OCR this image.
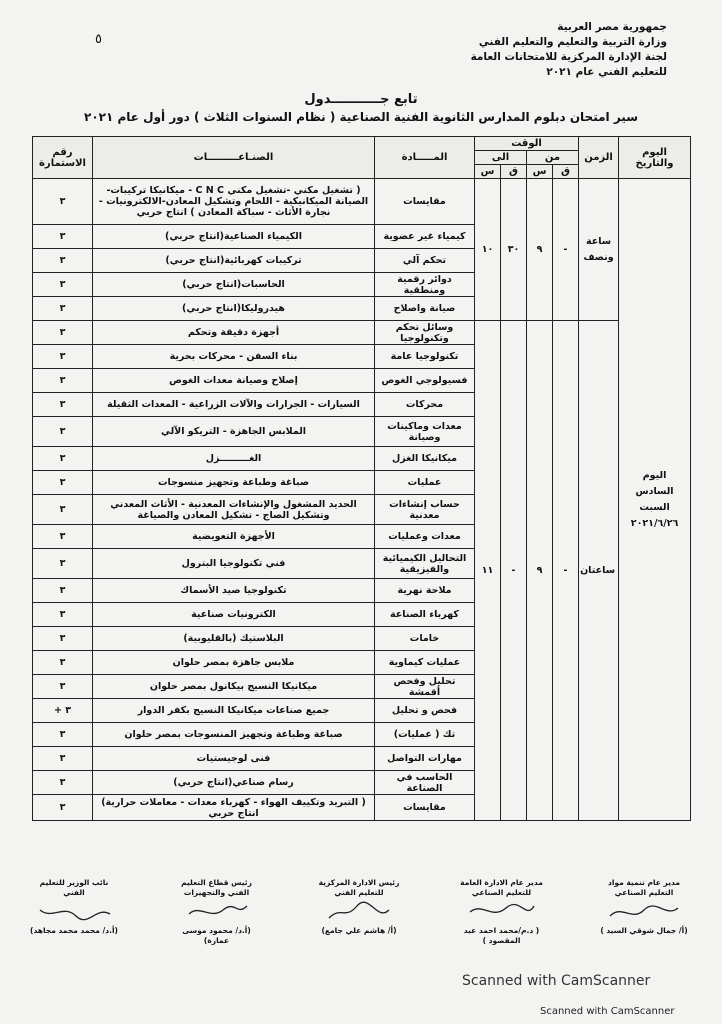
٥
جمهورية مصر العربية
وزارة التربية والتعليم والتعليم الفني
لجنة الإدارة المركزية للامتحانات العامة
للتعليم الفني عام ٢٠٢١
تابع جـــــــــــدول
سير امتحان دبلوم المدارس الثانوية الفنية الصناعية ( نظام السنوات الثلاث ) دور أول عام ٢٠٢١
اليوم والتاريخ	الزمن	الوقت				المـــــادة	الصنـاعـــــــــات	رقم الاستمارة
		من		الى				
		ق	س	ق	س			

اليوم
السادس
السبت
٢٠٢١/٦/٢٦	ساعة ونصف	-	٩	٣٠	١٠	مقايسات	( تشغيل مكني -تشغيل مكني C N C - ميكانيكا تركيبات- الصيانة الميكانيكية - اللحام وتشكيل المعادن-الالكترونيات - نجارة الأثاث - سباكة المعادن ) انتاج حربي	٣
						كيمياء غير عضوية	الكيمياء الصناعية(انتاج حربي)	٣
						تحكم آلي	تركيبات كهربائية(انتاج حربي)	٣
						دوائر رقمية ومنطقية	الحاسبات(انتاج حربي)	٣
						صيانة واصلاح	هيدروليكا(انتاج حربي)	٣
	ساعتان	-	٩	-	١١	وسائل تحكم وتكنولوجيا	أجهزة دقيقة وتحكم	٣
						تكنولوجيا عامة	بناء السفن - محركات بحرية	٣
						فسيولوجي الغوص	إصلاح وصيانة معدات الغوص	٣
						محركات	السيارات - الجرارات والآلات الزراعية - المعدات الثقيلة	٣
						معدات وماكينات وصيانة	الملابس الجاهزة - التريكو الآلي	٣
						ميكانيكا الغزل	الغـــــــــزل	٣
						عمليات	صباغة وطباعة وتجهيز منسوجات	٣
						حساب إنشاءات معدنية	الحديد المشغول والإنشاءات المعدنية - الأثاث المعدني وتشكيل الصاج - تشكيل المعادن والصياغة	٣
						معدات وعمليات	الأجهزة التعويضية	٣
						التحاليل الكيميائية والفيزيقية	فني تكنولوجيا البترول	٣
						ملاحة نهرية	تكنولوجيا صيد الأسماك	٣
						كهرباء الصناعة	الكترونيات صناعية	٣
						خامات	البلاستيك (بالقليوبية)	٣
						عمليات كيماوية	ملابس جاهزة بمصر حلوان	٣
						تحليل وفحص أقمشة	ميكانيكا النسيج بيكانول بمصر حلوان	٣
						فحص و تحليل	جميع صناعات ميكانيكا النسيج بكفر الدوار	٣ +
						تك ( عمليات)	صباغة وطباعة وتجهيز المنسوجات بمصر حلوان	٣
						مهارات التواصل	فنى لوجيستيات	٣
						الحاسب في الصناعة	رسام صناعي(انتاج حربي)	٣
						مقايسات	( التبريد وتكييف الهواء - كهرباء معدات - معاملات حرارية) انتاج حربي	٣
مدير عام تنمية مواد التعليم الصناعي
(أ/ جمال شوقي السيد )
مدير عام الادارة العامة للتعليم الصناعي
( د.م/محمد احمد عبد المقصود )
رئيس الادارة المركزية للتعليم الفني
(أ/ هاشم علي جامع)
رئيس قطاع التعليم الفني والتجهيزات
(أ.د/ محمود موسى عمارة)
نائب الوزير للتعليم الفني
(أ.د/ محمد محمد مجاهد)
Scanned with CamScanner
Scanned with CamScanner
